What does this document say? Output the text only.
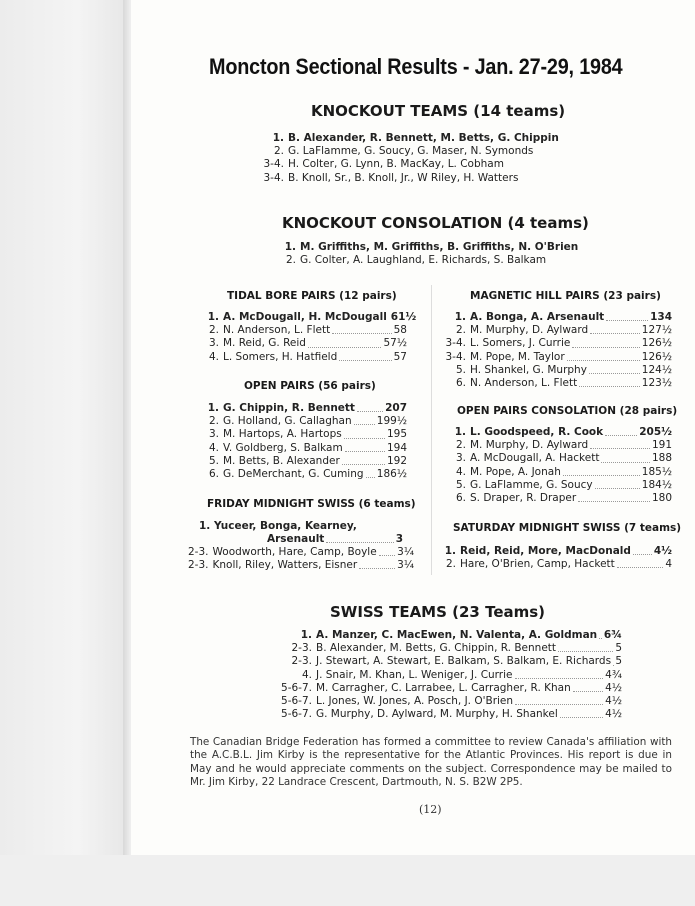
Moncton Sectional Results - Jan. 27-29, 1984
KNOCKOUT TEAMS (14 teams)
1. B. Alexander, R. Bennett, M. Betts, G. Chippin
2. G. LaFlamme, G. Soucy, G. Maser, N. Symonds
3-4. H. Colter, G. Lynn, B. MacKay, L. Cobham
3-4. B. Knoll, Sr., B. Knoll, Jr., W Riley, H. Watters
KNOCKOUT CONSOLATION (4 teams)
1. M. Griffiths, M. Griffiths, B. Griffiths, N. O'Brien
2. G. Colter, A. Laughland, E. Richards, S. Balkam
TIDAL BORE PAIRS (12 pairs)
1. A. McDougall, H. McDougall 61½
2. N. Anderson, L. Flett	58
3. M. Reid, G. Reid	57½
4. L. Somers, H. Hatfield	57
MAGNETIC HILL PAIRS (23 pairs)
1. A. Bonga, A. Arsenault	134
2. M. Murphy, D. Aylward	127½
3-4. L. Somers, J. Currie	126½
3-4. M. Pope, M. Taylor	126½
5. H. Shankel, G. Murphy	124½
6. N. Anderson, L. Flett	123½
OPEN PAIRS (56 pairs)
1. G. Chippin, R. Bennett	207
2. G. Holland, G. Callaghan 199½
3. M. Hartops, A. Hartops	195
4. V. Goldberg, S. Balkam	194
5. M. Betts, B. Alexander	192
6. G. DeMerchant, G. Cuming 186½
OPEN PAIRS CONSOLATION (28 pairs)
1. L. Goodspeed, R. Cook	205½
2. M. Murphy, D. Aylward	191
3. A. McDougall, A. Hackett	188
4. M. Pope, A. Jonah	185½
5. G. LaFlamme, G. Soucy	184½
6. S. Draper, R. Draper	180
FRIDAY MIDNIGHT SWISS (6 teams)
1. Yuceer, Bonga, Kearney,
Arsenault	3
2-3. Woodworth, Hare, Camp, Boyle 3¼
2-3. Knoll, Riley, Watters, Eisner	3¼
SATURDAY MIDNIGHT SWISS (7 teams)
1. Reid, Reid, More, MacDonald 4½
2. Hare, O'Brien, Camp, Hackett	4
SWISS TEAMS (23 Teams)
1. A. Manzer, C. MacEwen, N. Valenta, A. Goldman 6¾
2-3. B. Alexander, M. Betts, G. Chippin, R. Bennett	5
2-3. J. Stewart, A. Stewart, E. Balkam, S. Balkam, E. Richards 5
4. J. Snair, M. Khan, L. Weniger, J. Currie	4¾
5-6-7. M. Carragher, C. Larrabee, L. Carragher, R. Khan	4½
5-6-7. L. Jones, W. Jones, A. Posch, J. O'Brien	4½
5-6-7. G. Murphy, D. Aylward, M. Murphy, H. Shankel	4½
The Canadian Bridge Federation has formed a committee to review Canada's affiliation with the A.C.B.L. Jim Kirby is the representative for the Atlantic Provinces. His report is due in May and he would appreciate comments on the subject. Correspondence may be mailed to Mr. Jim Kirby, 22 Landrace Crescent, Dartmouth, N. S. B2W 2P5.
(12)
